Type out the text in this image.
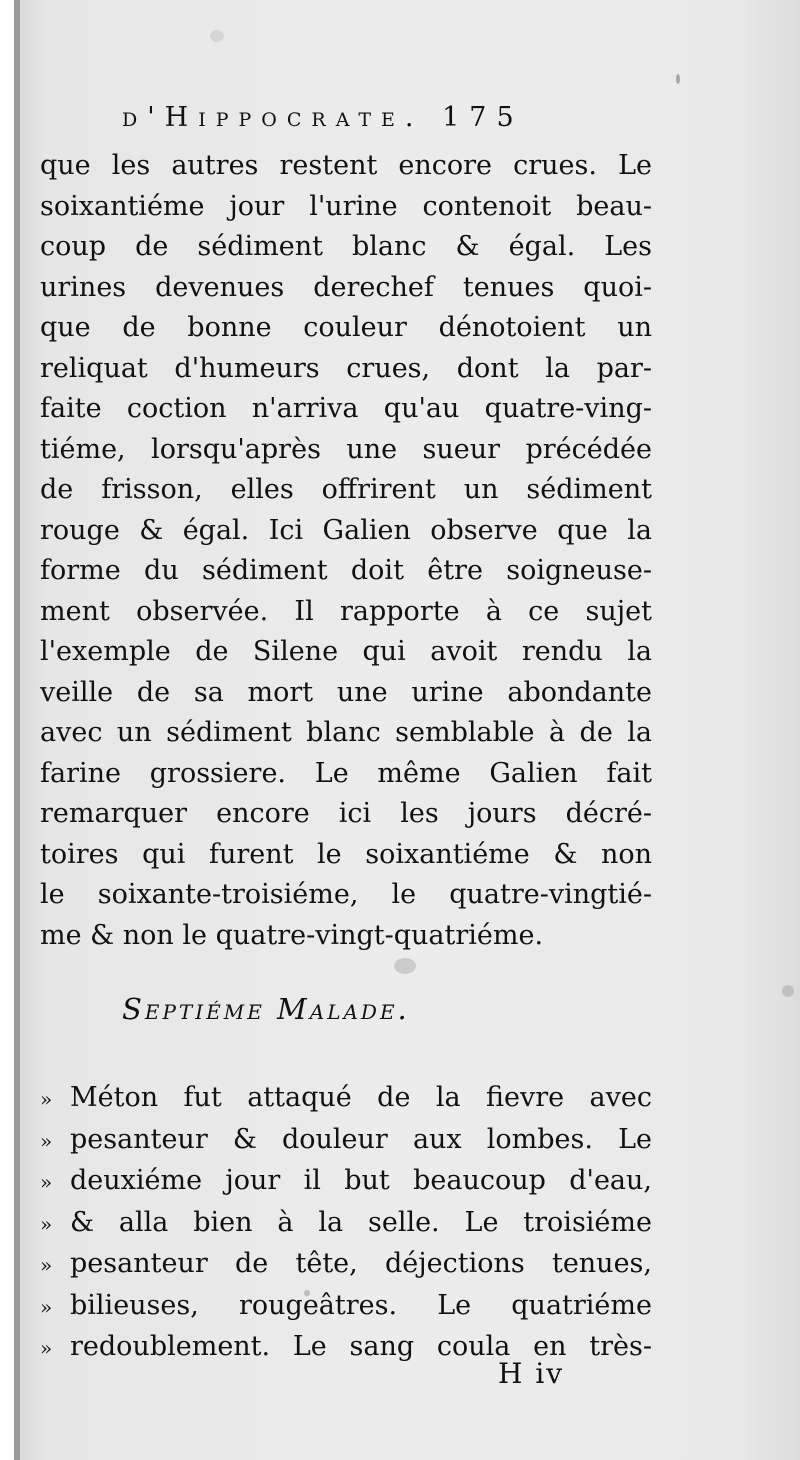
d'Hippocrate. 175
que les autres restent encore crues. Le
soixantiéme jour l'urine contenoit beau-
coup de sédiment blanc & égal. Les
urines devenues derechef tenues quoi-
que de bonne couleur dénotoient un
reliquat d'humeurs crues, dont la par-
faite coction n'arriva qu'au quatre-ving-
tiéme, lorsqu'après une sueur précédée
de frisson, elles offrirent un sédiment
rouge & égal. Ici Galien observe que la
forme du sédiment doit être soigneuse-
ment observée. Il rapporte à ce sujet
l'exemple de Silene qui avoit rendu la
veille de sa mort une urine abondante
avec un sédiment blanc semblable à de la
farine grossiere. Le même Galien fait
remarquer encore ici les jours décré-
toires qui furent le soixantiéme & non
le soixante-troisiéme, le quatre-vingtié-
me & non le quatre-vingt-quatriéme.
Septiéme Malade.
» Méton fut attaqué de la fievre avec
» pesanteur & douleur aux lombes. Le
» deuxiéme jour il but beaucoup d'eau,
» & alla bien à la selle. Le troisiéme
» pesanteur de tête, déjections tenues,
» bilieuses, rougeâtres. Le quatriéme
» redoublement. Le sang coula en très-
H iv
